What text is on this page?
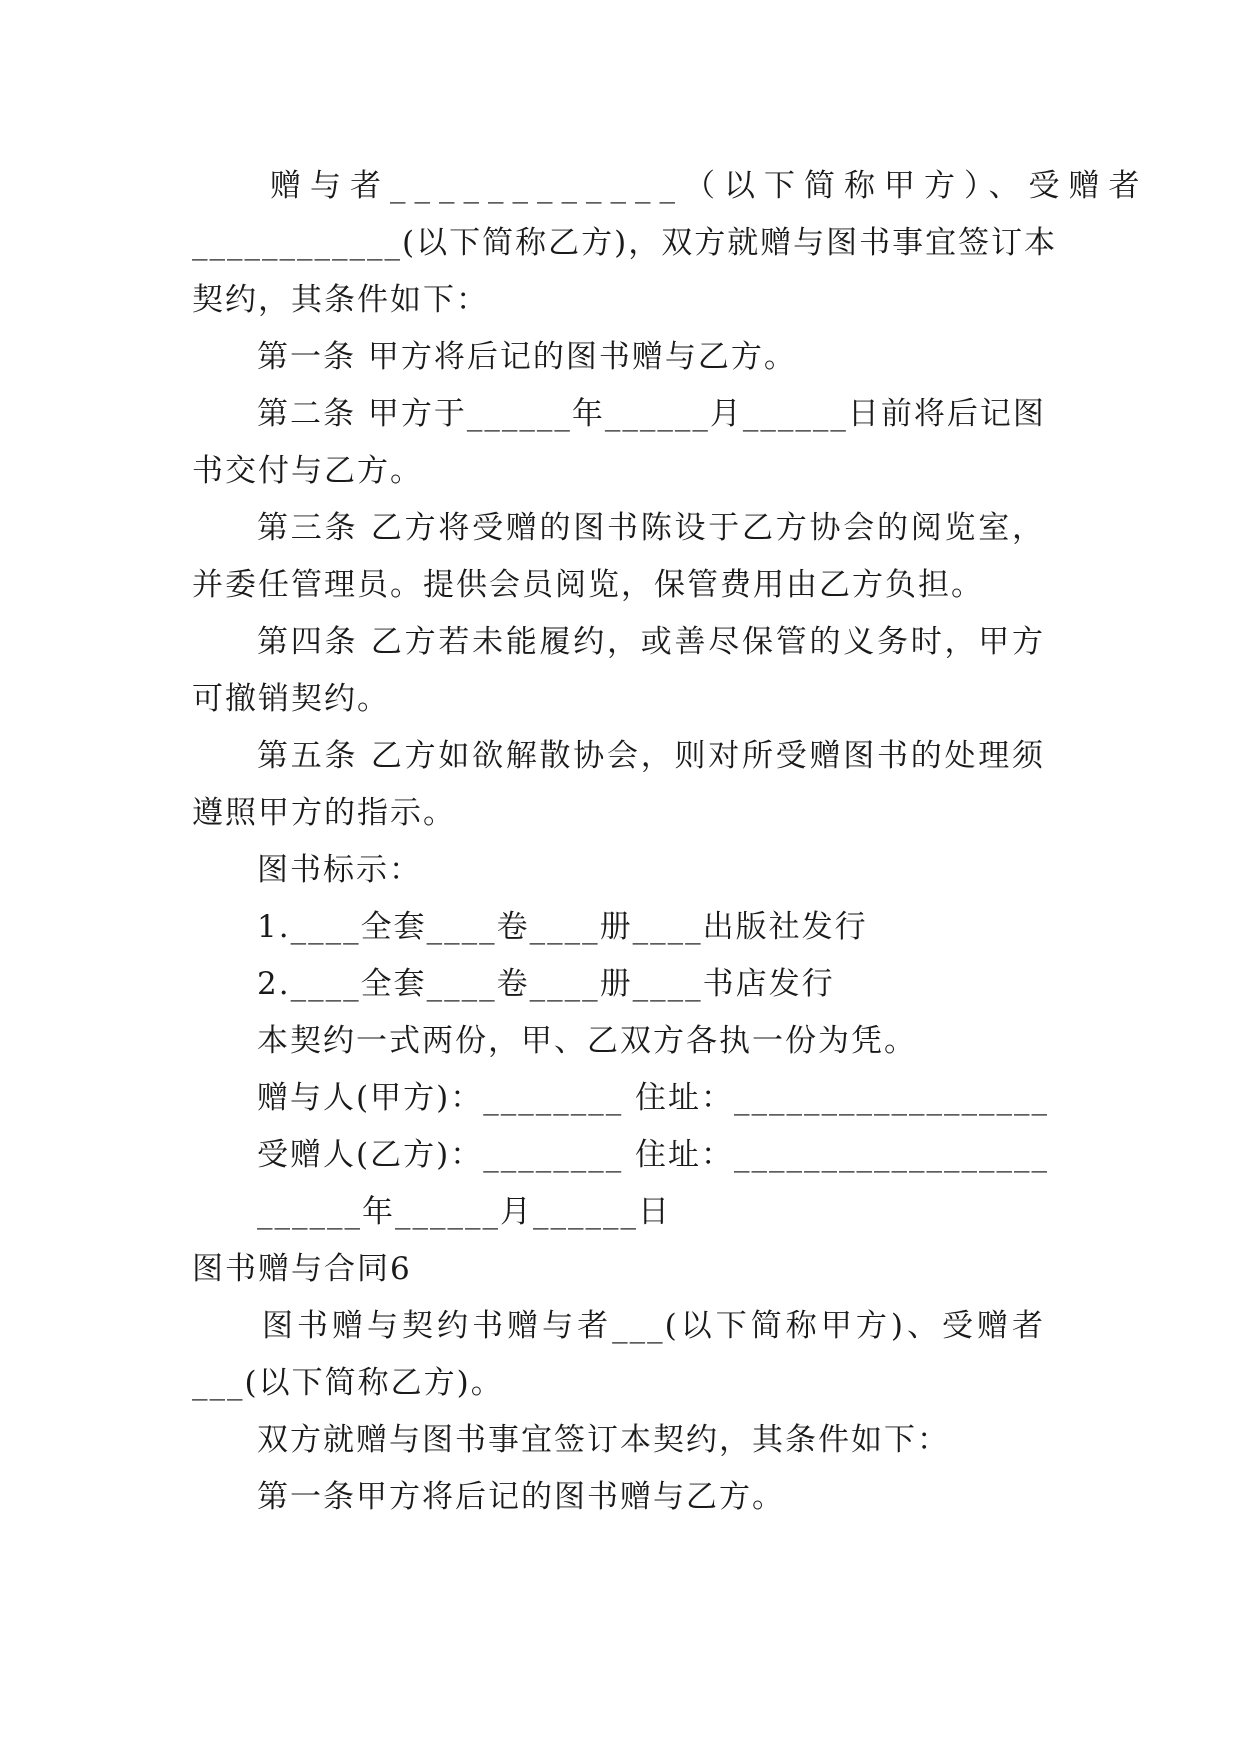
赠与者____________（以下简称甲方）、受赠者
____________(以下简称乙方)，双方就赠与图书事宜签订本
契约，其条件如下：
第一条 甲方将后记的图书赠与乙方。
第二条 甲方于______年______月______日前将后记图
书交付与乙方。
第三条 乙方将受赠的图书陈设于乙方协会的阅览室，
并委任管理员。提供会员阅览，保管费用由乙方负担。
第四条 乙方若未能履约，或善尽保管的义务时，甲方
可撤销契约。
第五条 乙方如欲解散协会，则对所受赠图书的处理须
遵照甲方的指示。
图书标示：
1.____全套____卷____册____出版社发行
2.____全套____卷____册____书店发行
本契约一式两份，甲、乙双方各执一份为凭。
赠与人(甲方)：________ 住址：__________________
受赠人(乙方)：________ 住址：__________________
______年______月______日
图书赠与合同6
图书赠与契约书赠与者___(以下简称甲方)、受赠者
___(以下简称乙方)。
双方就赠与图书事宜签订本契约，其条件如下：
第一条甲方将后记的图书赠与乙方。
